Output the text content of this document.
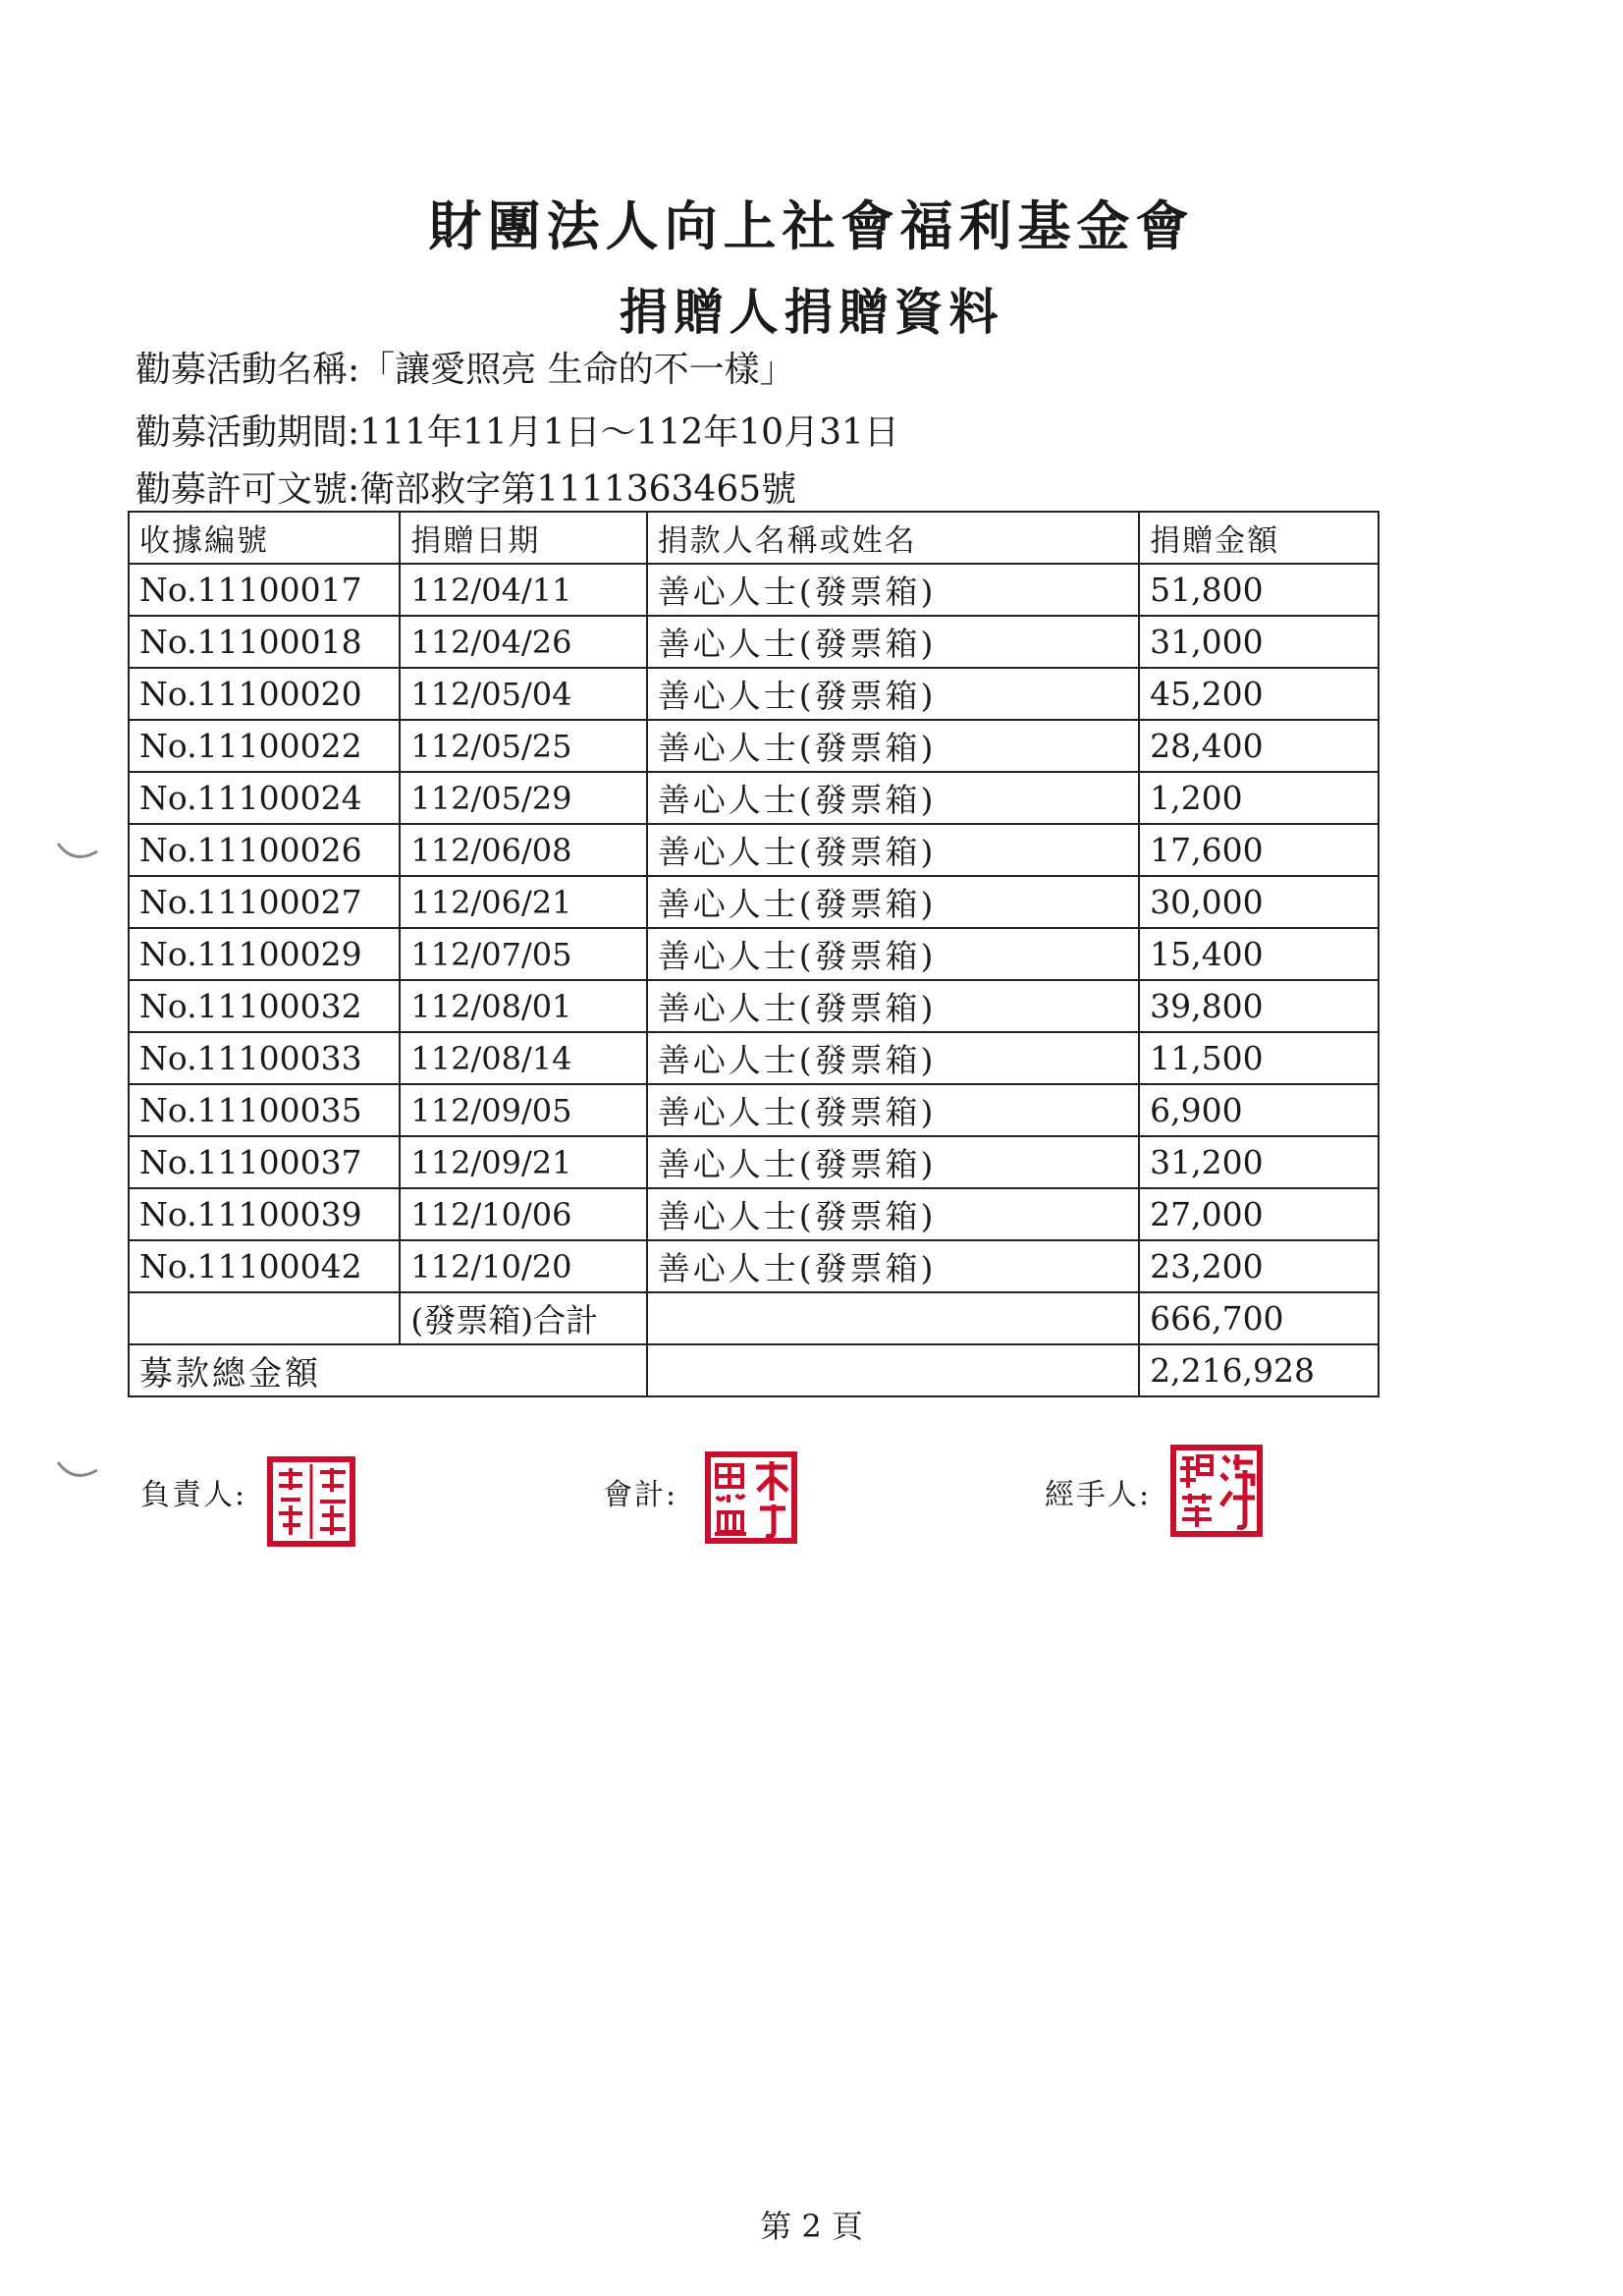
財團法人向上社會福利基金會
捐贈人捐贈資料
勸募活動名稱:「讓愛照亮 生命的不一樣」
勸募活動期間:111年11月1日～112年10月31日
勸募許可文號:衛部救字第1111363465號
收據編號	捐贈日期	捐款人名稱或姓名	捐贈金額
No.11100017	112/04/11	善心人士(發票箱)	51,800
No.11100018	112/04/26	善心人士(發票箱)	31,000
No.11100020	112/05/04	善心人士(發票箱)	45,200
No.11100022	112/05/25	善心人士(發票箱)	28,400
No.11100024	112/05/29	善心人士(發票箱)	1,200
No.11100026	112/06/08	善心人士(發票箱)	17,600
No.11100027	112/06/21	善心人士(發票箱)	30,000
No.11100029	112/07/05	善心人士(發票箱)	15,400
No.11100032	112/08/01	善心人士(發票箱)	39,800
No.11100033	112/08/14	善心人士(發票箱)	11,500
No.11100035	112/09/05	善心人士(發票箱)	6,900
No.11100037	112/09/21	善心人士(發票箱)	31,200
No.11100039	112/10/06	善心人士(發票箱)	27,000
No.11100042	112/10/20	善心人士(發票箱)	23,200
	(發票箱)合計		666,700
募款總金額			2,216,928
負責人:	會計:	經手人:
第 2 頁
